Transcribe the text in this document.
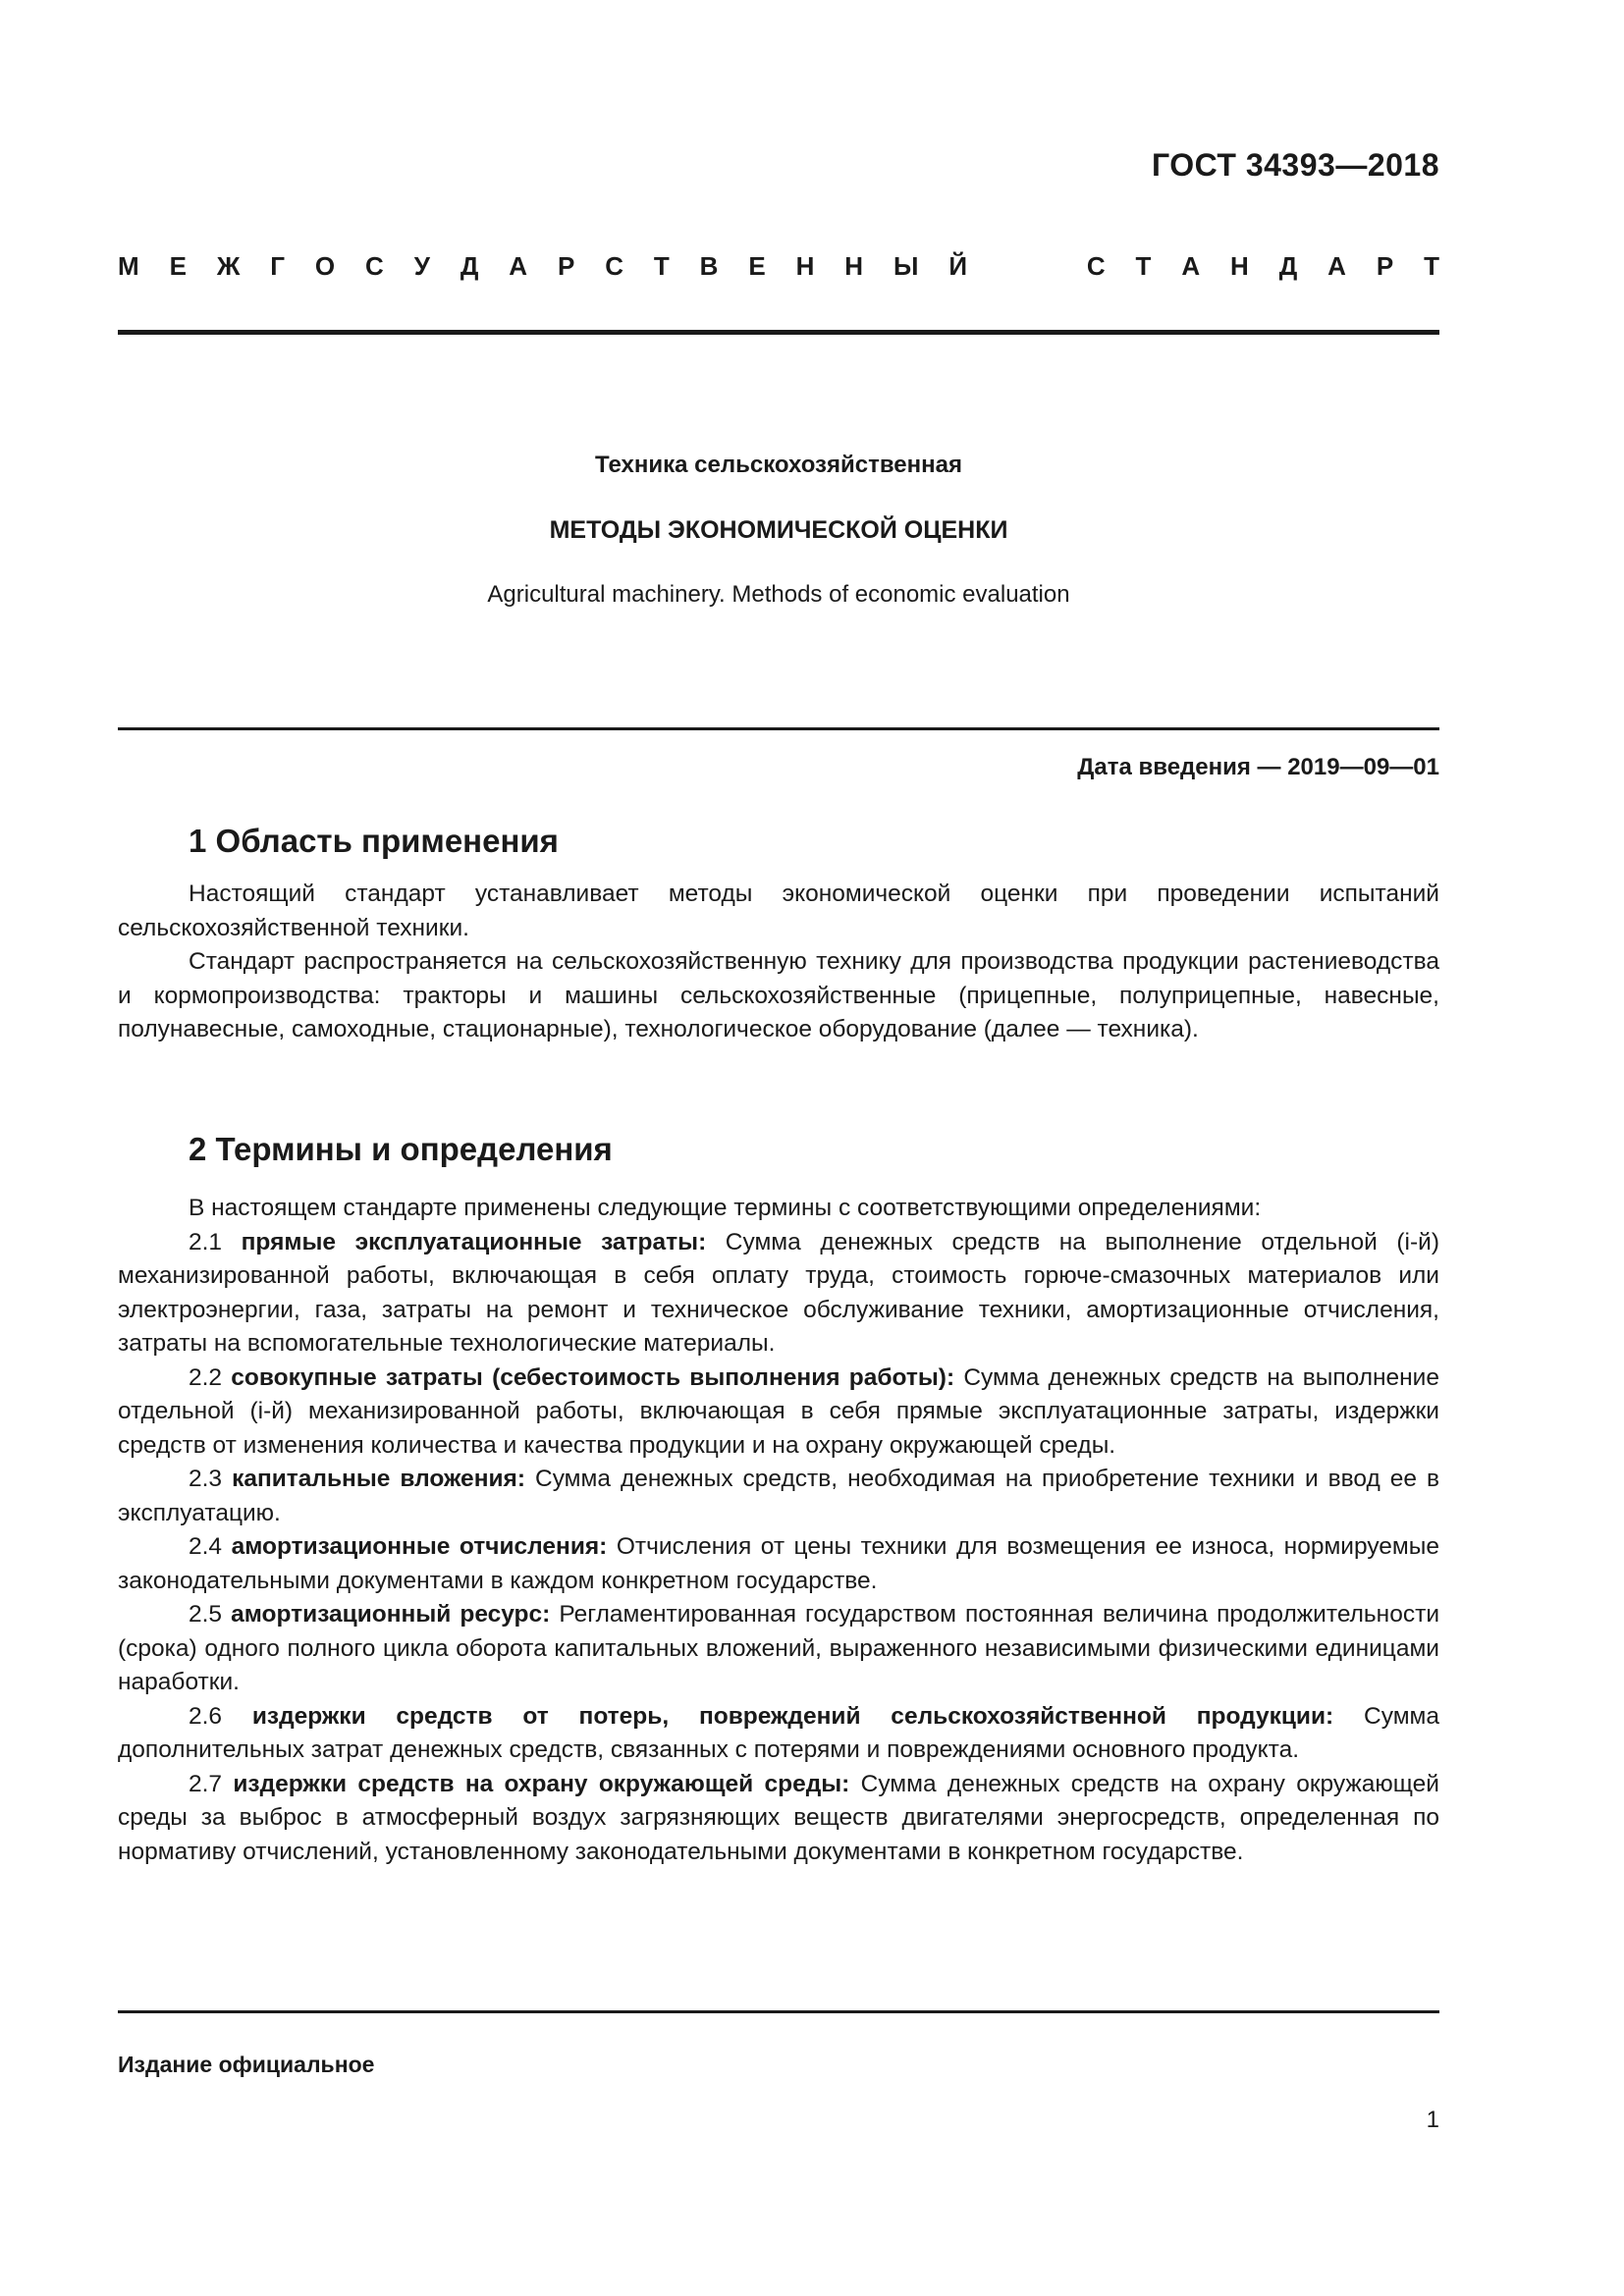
ГОСТ 34393—2018
М Е Ж Г О С У Д А Р С Т В Е Н Н Ы Й	С Т А Н Д А Р Т
Техника сельскохозяйственная
МЕТОДЫ ЭКОНОМИЧЕСКОЙ ОЦЕНКИ
Agricultural machinery. Methods of economic evaluation
Дата введения — 2019—09—01
1 Область применения

Настоящий стандарт устанавливает методы экономической оценки при проведении испытаний сельскохозяйственной техники.

Стандарт распространяется на сельскохозяйственную технику для производства продукции растениеводства и кормопроизводства: тракторы и машины сельскохозяйственные (прицепные, полуприцепные, навесные, полунавесные, самоходные, стационарные), технологическое оборудование (далее — техника).

2 Термины и определения

В настоящем стандарте применены следующие термины с соответствующими определениями:

2.1 прямые эксплуатационные затраты: Сумма денежных средств на выполнение отдельной (i-й) механизированной работы, включающая в себя оплату труда, стоимость горюче-смазочных материалов или электроэнергии, газа, затраты на ремонт и техническое обслуживание техники, амортизационные отчисления, затраты на вспомогательные технологические материалы.

2.2 совокупные затраты (себестоимость выполнения работы): Сумма денежных средств на выполнение отдельной (i-й) механизированной работы, включающая в себя прямые эксплуатационные затраты, издержки средств от изменения количества и качества продукции и на охрану окружающей среды.

2.3 капитальные вложения: Сумма денежных средств, необходимая на приобретение техники и ввод ее в эксплуатацию.

2.4 амортизационные отчисления: Отчисления от цены техники для возмещения ее износа, нормируемые законодательными документами в каждом конкретном государстве.

2.5 амортизационный ресурс: Регламентированная государством постоянная величина продолжительности (срока) одного полного цикла оборота капитальных вложений, выраженного независимыми физическими единицами наработки.

2.6 издержки средств от потерь, повреждений сельскохозяйственной продукции: Сумма дополнительных затрат денежных средств, связанных с потерями и повреждениями основного продукта.

2.7 издержки средств на охрану окружающей среды: Сумма денежных средств на охрану окружающей среды за выброс в атмосферный воздух загрязняющих веществ двигателями энергосредств, определенная по нормативу отчислений, установленному законодательными документами в конкретном государстве.

Издание официальное
1
